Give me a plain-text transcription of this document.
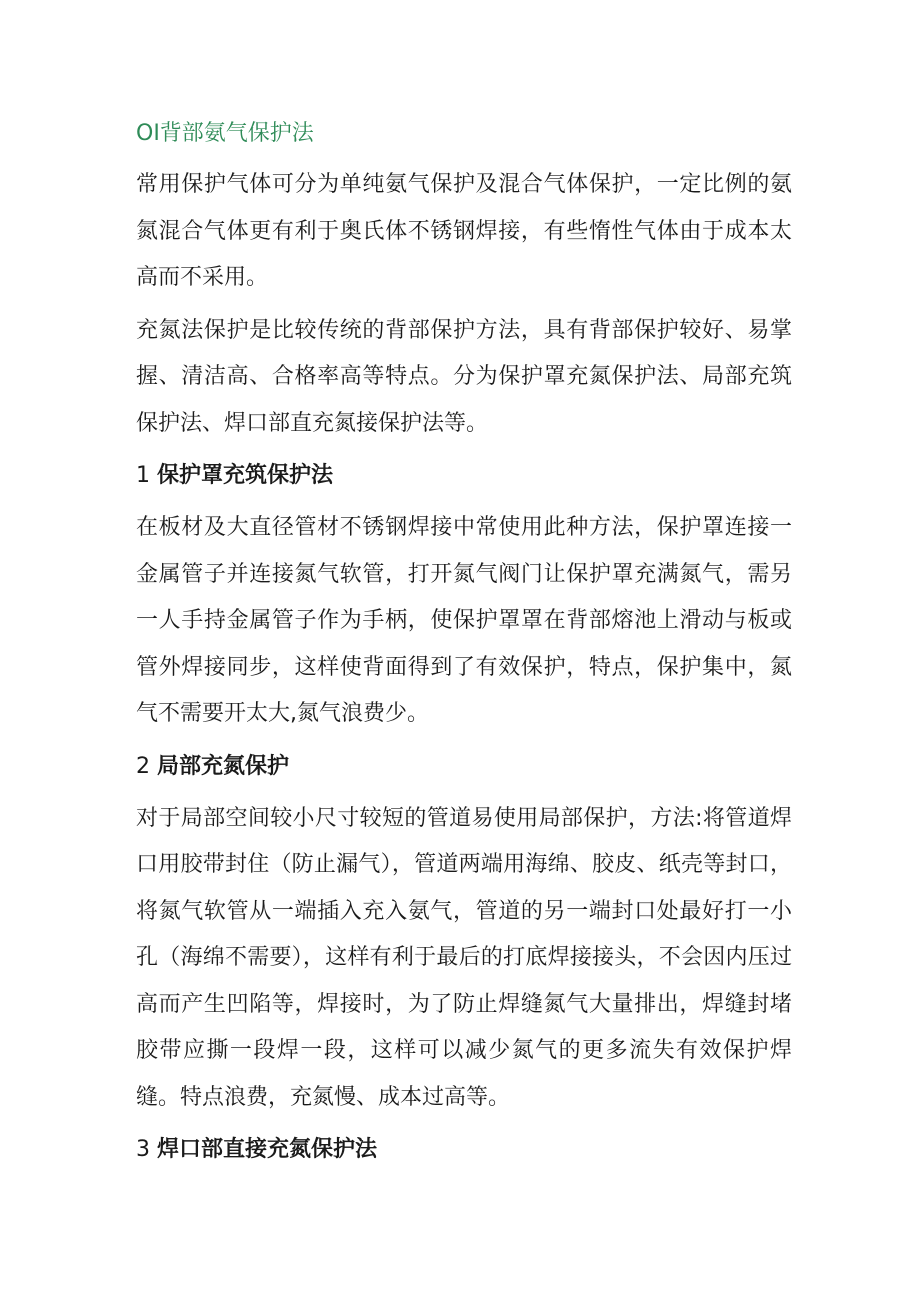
OI背部氨气保护法

常用保护气体可分为单纯氨气保护及混合气体保护，一定比例的氨氮混合气体更有利于奥氏体不锈钢焊接，有些惰性气体由于成本太高而不采用。

充氮法保护是比较传统的背部保护方法，具有背部保护较好、易掌握、清洁高、合格率高等特点。分为保护罩充氮保护法、局部充筑保护法、焊口部直充氮接保护法等。

1 保护罩充筑保护法

在板材及大直径管材不锈钢焊接中常使用此种方法，保护罩连接一金属管子并连接氮气软管，打开氮气阀门让保护罩充满氮气，需另一人手持金属管子作为手柄，使保护罩罩在背部熔池上滑动与板或管外焊接同步，这样使背面得到了有效保护，特点，保护集中，氮气不需要开太大,氮气浪费少。

2 局部充氮保护

对于局部空间较小尺寸较短的管道易使用局部保护，方法:将管道焊口用胶带封住（防止漏气），管道两端用海绵、胶皮、纸壳等封口，将氮气软管从一端插入充入氨气，管道的另一端封口处最好打一小孔（海绵不需要），这样有利于最后的打底焊接接头，不会因内压过高而产生凹陷等，焊接时，为了防止焊缝氮气大量排出，焊缝封堵胶带应撕一段焊一段，这样可以减少氮气的更多流失有效保护焊缝。特点浪费，充氮慢、成本过高等。

3 焊口部直接充氮保护法
